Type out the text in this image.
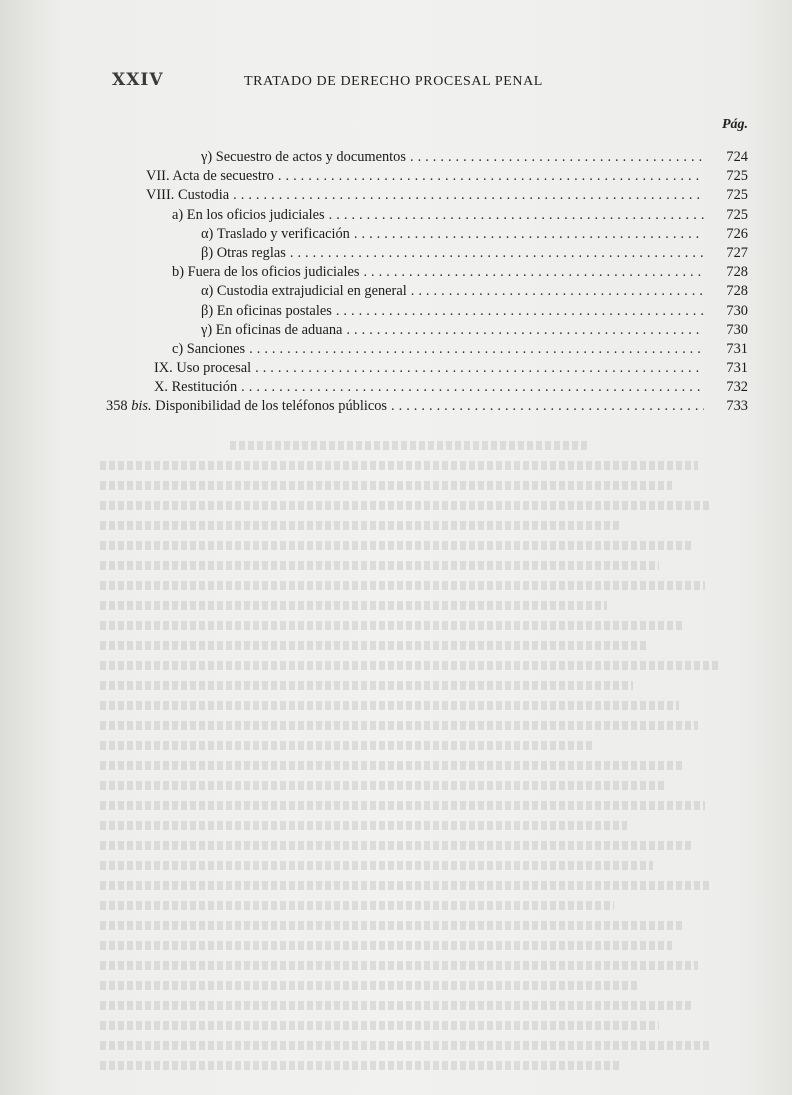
XXIV	TRATADO DE DERECHO PROCESAL PENAL
Pág.
γ) Secuestro de actos y documentos . . .	724
VII. Acta de secuestro . . .	725
VIII. Custodia . . .	725
a) En los oficios judiciales . . .	725
α) Traslado y verificación . . .	726
β) Otras reglas . . .	727
b) Fuera de los oficios judiciales . . .	728
α) Custodia extrajudicial en general . . .	728
β) En oficinas postales . . .	730
γ) En oficinas de aduana . . .	730
c) Sanciones . . .	731
IX. Uso procesal . . .	731
X. Restitución . . .	732
358 bis. Disponibilidad de los teléfonos públicos . . .	733
